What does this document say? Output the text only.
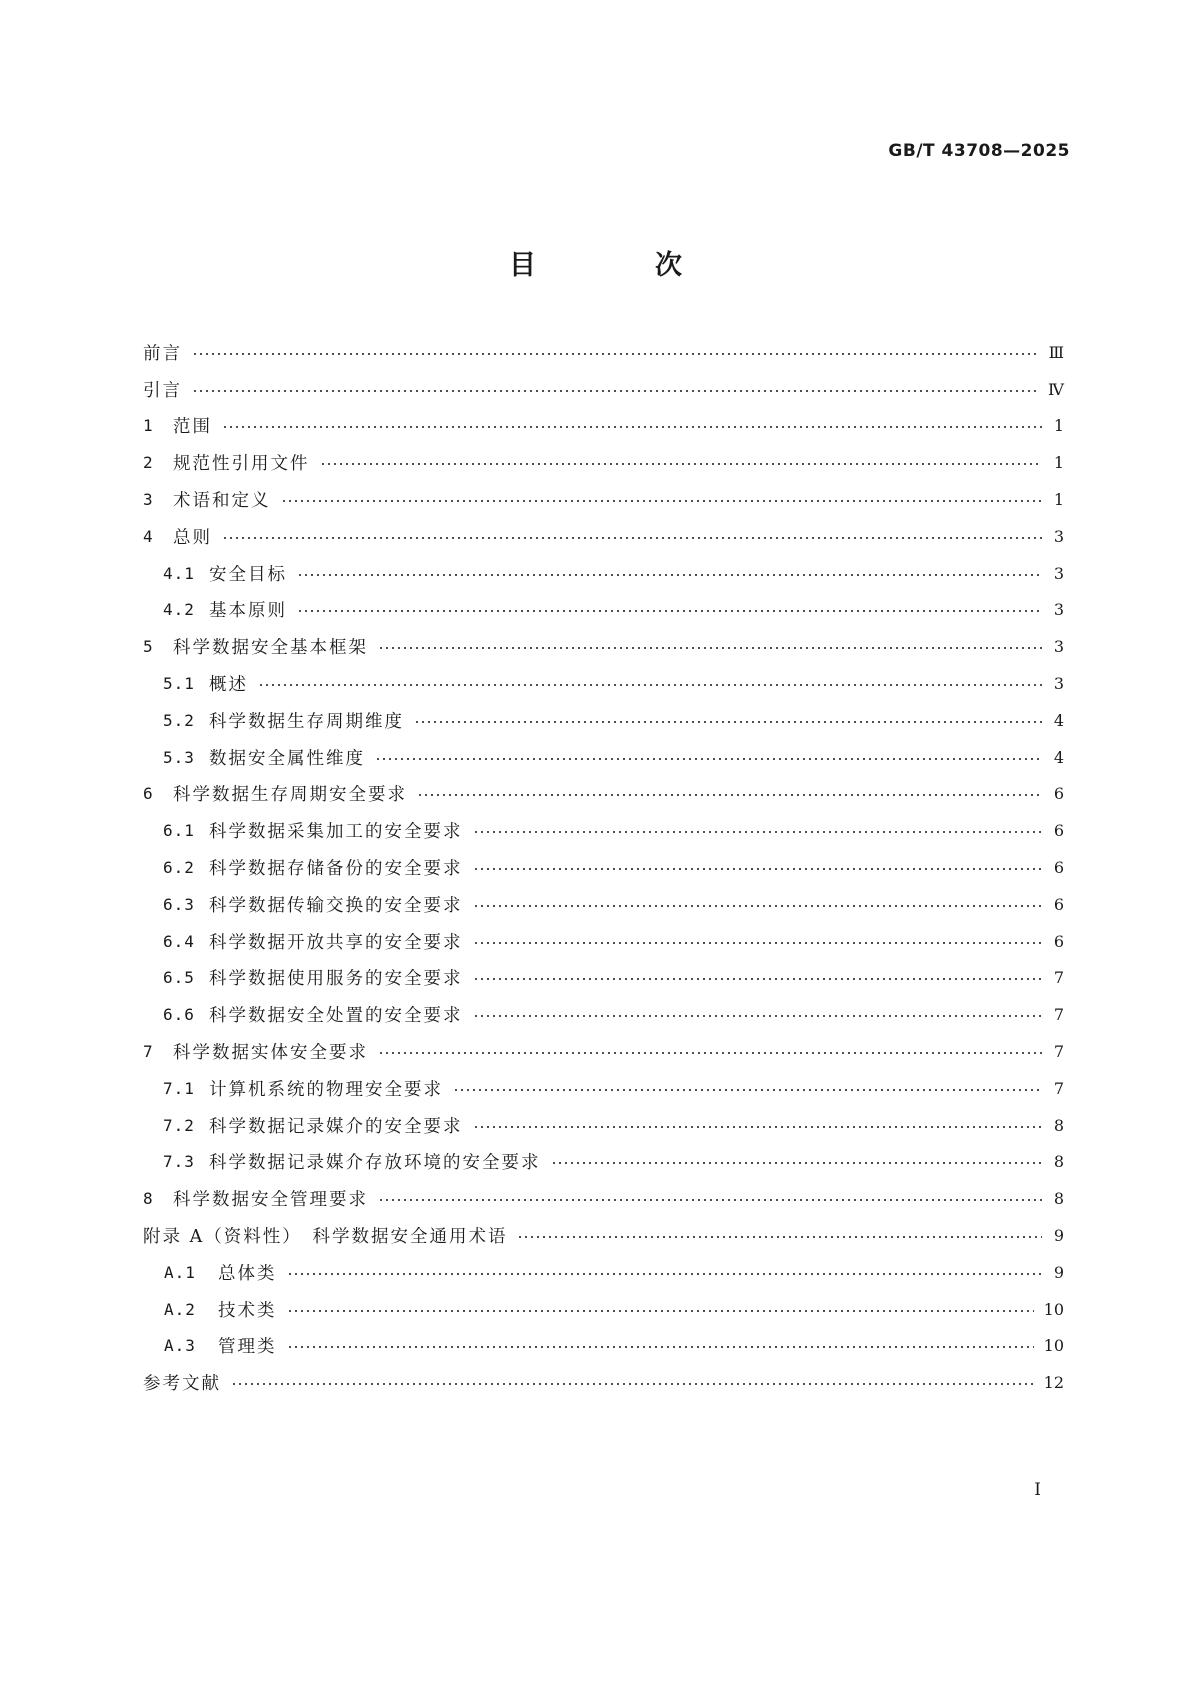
GB/T 43708—2025
目　次
前言	Ⅲ
引言	Ⅳ
1	范围	1
2	规范性引用文件	1
3	术语和定义	1
4	总则	3
4.1 安全目标	3
4.2 基本原则	3
5	科学数据安全基本框架	3
5.1 概述	3
5.2 科学数据生存周期维度	4
5.3 数据安全属性维度	4
6	科学数据生存周期安全要求	6
6.1 科学数据采集加工的安全要求	6
6.2 科学数据存储备份的安全要求	6
6.3 科学数据传输交换的安全要求	6
6.4 科学数据开放共享的安全要求	6
6.5 科学数据使用服务的安全要求	7
6.6 科学数据安全处置的安全要求	7
7	科学数据实体安全要求	7
7.1 计算机系统的物理安全要求	7
7.2 科学数据记录媒介的安全要求	8
7.3 科学数据记录媒介存放环境的安全要求	8
8	科学数据安全管理要求	8
附录 A（资料性）　科学数据安全通用术语	9
A.1	总体类	9
A.2	技术类	10
A.3	管理类	10
参考文献	12
Ⅰ
